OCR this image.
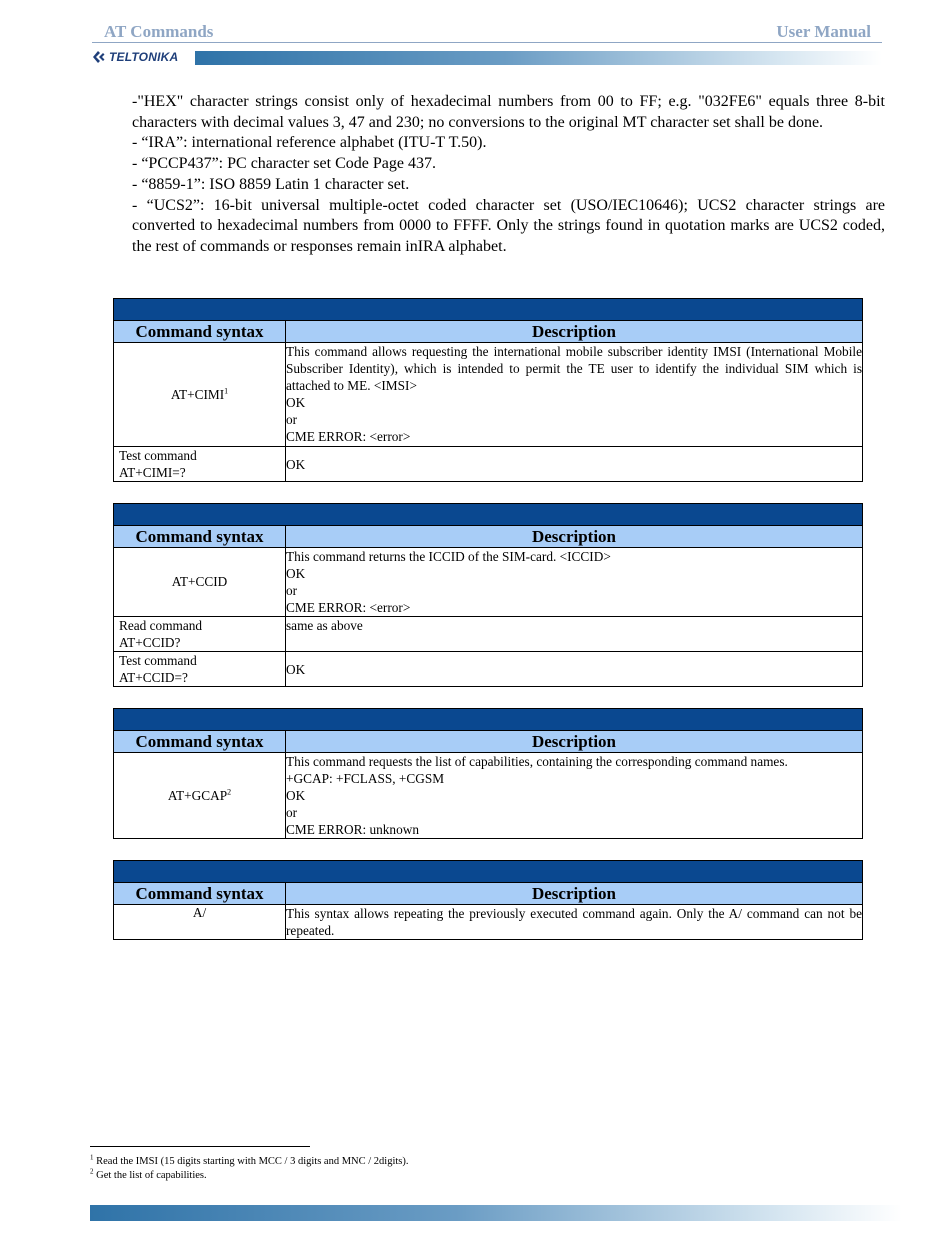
AT Commands	User Manual
TELTONIKA

-"HEX" character strings consist only of hexadecimal numbers from 00 to FF; e.g. "032FE6" equals three 8-bit characters with decimal values 3, 47 and 230; no conversions to the original MT character set shall be done.

- “IRA”: international reference alphabet (ITU-T T.50).

- “PCCP437”: PC character set Code Page 437.

- “8859-1”: ISO 8859 Latin 1 character set.

- “UCS2”: 16-bit universal multiple-octet coded character set (USO/IEC10646); UCS2 character strings are converted to hexadecimal numbers from 0000 to FFFF. Only the strings found in quotation marks are UCS2 coded, the rest of commands or responses remain inIRA alphabet.

Command syntax	Description
$AT+CIMI^1$	This command allows requesting the international mobile subscriber identity IMSI (International Mobile Subscriber Identity), which is intended to permit the TE user to identify the individual SIM which is attached to ME. <IMSI>
OK
or
CME ERROR: <error>

Test command
AT+CIMI=?	OK

Command syntax	Description
AT+CCID	This command returns the ICCID of the SIM-card. <ICCID>
OK
or
CME ERROR: <error>

Read command
AT+CCID?	same as above

Test command
AT+CCID=?	OK

Command syntax	Description
$AT+GCAP^2$	This command requests the list of capabilities, containing the corresponding command names.
+GCAP: +FCLASS, +CGSM
OK
or
CME ERROR: unknown

Command syntax	Description
A/	This syntax allows repeating the previously executed command again. Only the A/ command can not be repeated.
$^1$ Read the IMSI (15 digits starting with MCC / 3 digits and MNC / 2digits).
$^2$ Get the list of capabilities.
